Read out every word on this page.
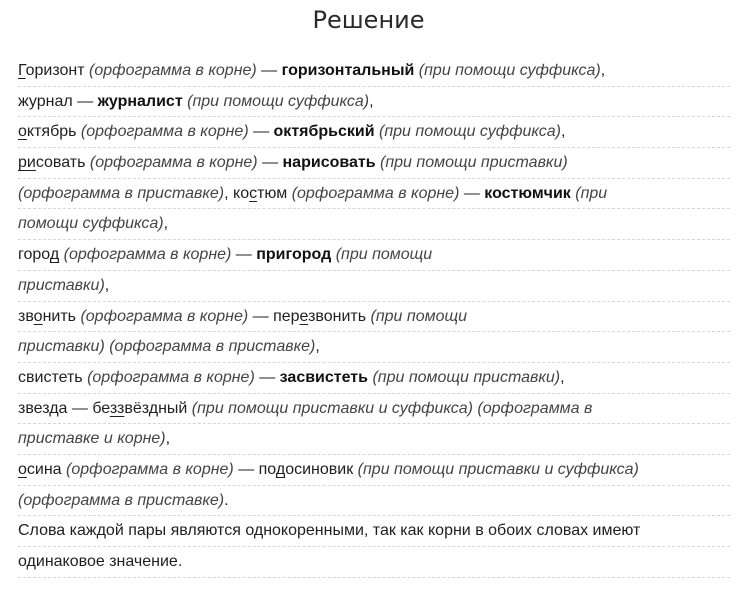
Решение
Горизонт (орфограмма в корне) — горизонтальный (при помощи суффикса),
журнал — журналист (при помощи суффикса),
октябрь (орфограмма в корне) — октябрьский (при помощи суффикса),
рисовать (орфограмма в корне) — нарисовать (при помощи приставки)
(орфограмма в приставке), костюм (орфограмма в корне) — костюмчик (при
помощи суффикса),
город (орфограмма в корне) — пригород (при помощи
приставки),
звонить (орфограмма в корне) — перезвонить (при помощи
приставки) (орфограмма в приставке),
свистеть (орфограмма в корне) — засвистеть (при помощи приставки),
звезда — беззвёздный (при помощи приставки и суффикса) (орфограмма в
приставке и корне),
осина (орфограмма в корне) — подосиновик (при помощи приставки и суффикса)
(орфограмма в приставке).
Слова каждой пары являются однокоренными, так как корни в обоих словах имеют
одинаковое значение.
